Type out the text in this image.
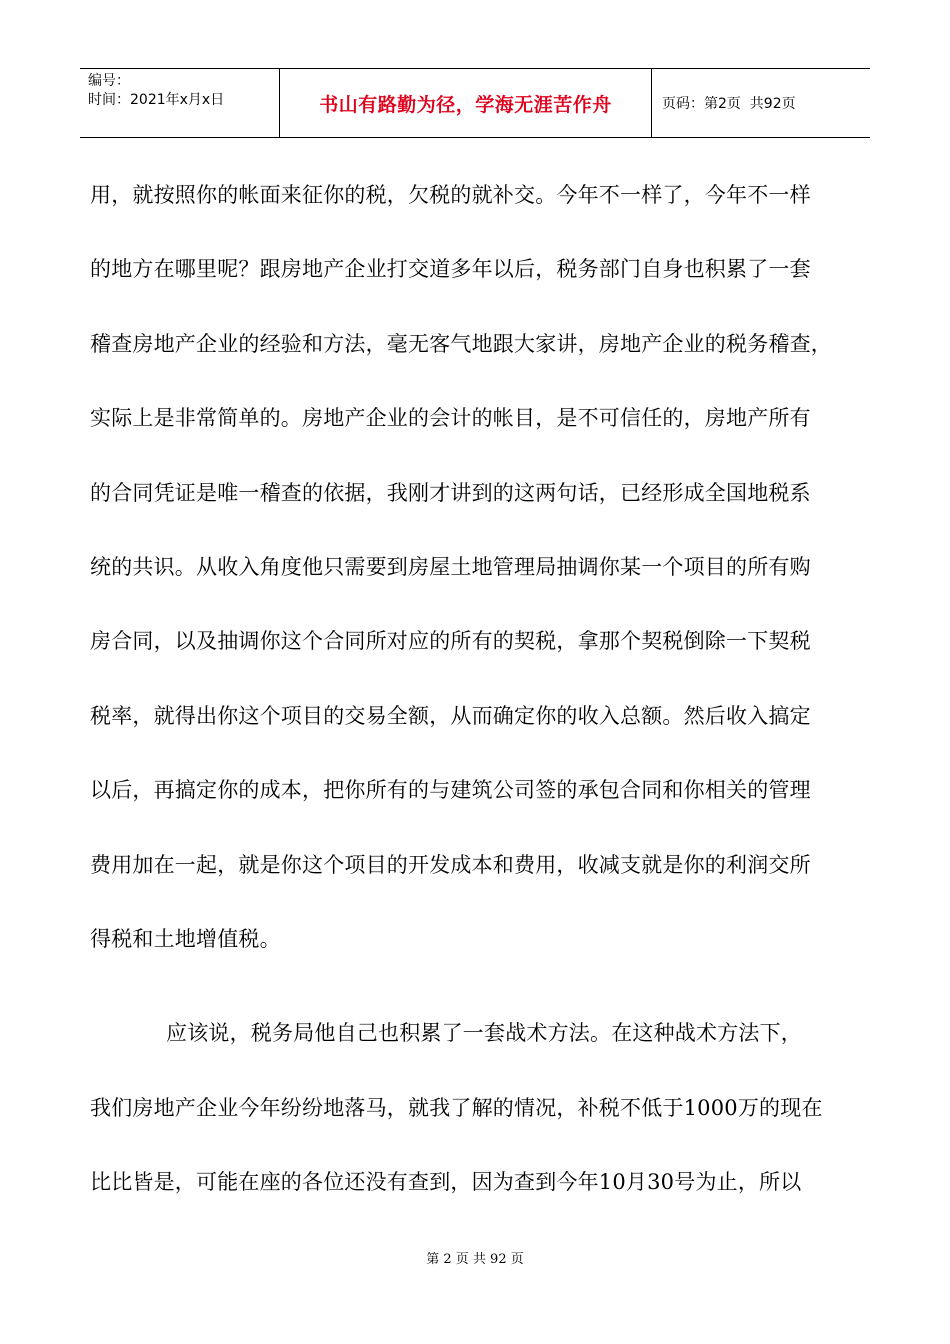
编号：
时间：2021年x月x日	书山有路勤为径，学海无涯苦作舟	页码：第2页  共92页
用，就按照你的帐面来征你的税，欠税的就补交。今年不一样了，今年不一样
的地方在哪里呢？跟房地产企业打交道多年以后，税务部门自身也积累了一套
稽查房地产企业的经验和方法，毫无客气地跟大家讲，房地产企业的税务稽查，
实际上是非常简单的。房地产企业的会计的帐目，是不可信任的，房地产所有
的合同凭证是唯一稽查的依据，我刚才讲到的这两句话，已经形成全国地税系
统的共识。从收入角度他只需要到房屋土地管理局抽调你某一个项目的所有购
房合同，以及抽调你这个合同所对应的所有的契税，拿那个契税倒除一下契税
税率，就得出你这个项目的交易全额，从而确定你的收入总额。然后收入搞定
以后，再搞定你的成本，把你所有的与建筑公司签的承包合同和你相关的管理
费用加在一起，就是你这个项目的开发成本和费用，收减支就是你的利润交所
得税和土地增值税。
应该说，税务局他自己也积累了一套战术方法。在这种战术方法下，
我们房地产企业今年纷纷地落马，就我了解的情况，补税不低于1000万的现在
比比皆是，可能在座的各位还没有查到，因为查到今年10月30号为止，所以
第 2 页 共 92 页
